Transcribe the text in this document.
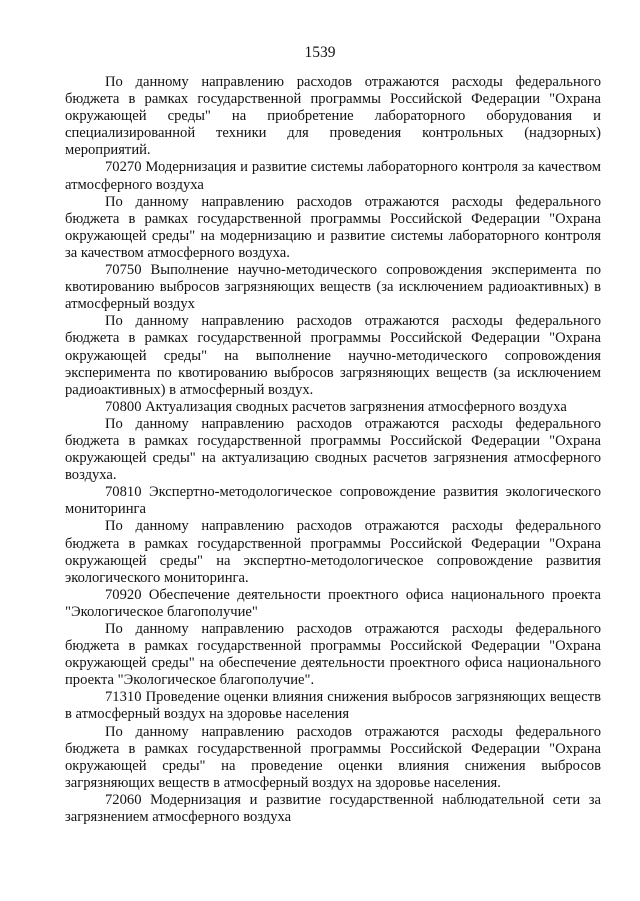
1539

По данному направлению расходов отражаются расходы федерального бюджета в рамках государственной программы Российской Федерации "Охрана окружающей среды" на приобретение лабораторного оборудования и специализированной техники для проведения контрольных (надзорных) мероприятий.

70270 Модернизация и развитие системы лабораторного контроля за качеством атмосферного воздуха

По данному направлению расходов отражаются расходы федерального бюджета в рамках государственной программы Российской Федерации "Охрана окружающей среды" на модернизацию и развитие системы лабораторного контроля за качеством атмосферного воздуха.

70750 Выполнение научно-методического сопровождения эксперимента по квотированию выбросов загрязняющих веществ (за исключением радиоактивных) в атмосферный воздух

По данному направлению расходов отражаются расходы федерального бюджета в рамках государственной программы Российской Федерации "Охрана окружающей среды" на выполнение научно-методического сопровождения эксперимента по квотированию выбросов загрязняющих веществ (за исключением радиоактивных) в атмосферный воздух.

70800 Актуализация сводных расчетов загрязнения атмосферного воздуха

По данному направлению расходов отражаются расходы федерального бюджета в рамках государственной программы Российской Федерации "Охрана окружающей среды" на актуализацию сводных расчетов загрязнения атмосферного воздуха.

70810 Экспертно-методологическое сопровождение развития экологического мониторинга

По данному направлению расходов отражаются расходы федерального бюджета в рамках государственной программы Российской Федерации "Охрана окружающей среды" на экспертно-методологическое сопровождение развития экологического мониторинга.

70920 Обеспечение деятельности проектного офиса национального проекта "Экологическое благополучие"

По данному направлению расходов отражаются расходы федерального бюджета в рамках государственной программы Российской Федерации "Охрана окружающей среды" на обеспечение деятельности проектного офиса национального проекта "Экологическое благополучие".

71310 Проведение оценки влияния снижения выбросов загрязняющих веществ в атмосферный воздух на здоровье населения

По данному направлению расходов отражаются расходы федерального бюджета в рамках государственной программы Российской Федерации "Охрана окружающей среды" на проведение оценки влияния снижения выбросов загрязняющих веществ в атмосферный воздух на здоровье населения.

72060 Модернизация и развитие государственной наблюдательной сети за загрязнением атмосферного воздуха
